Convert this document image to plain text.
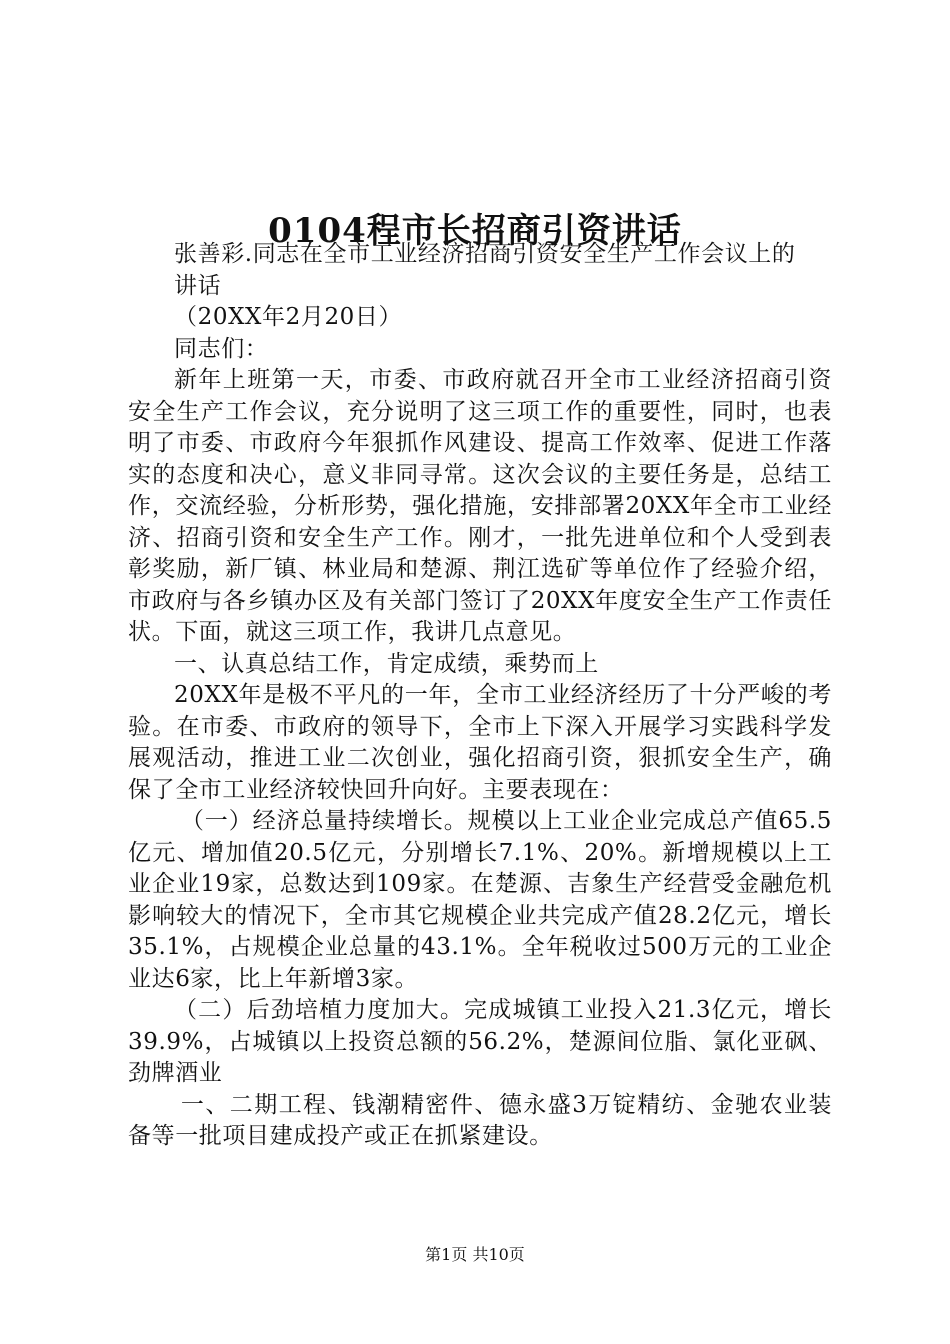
0104程市长招商引资讲话

张善彩.同志在全市工业经济招商引资安全生产工作会议上的

讲话

（20XX年2月20日）

同志们：

新年上班第一天，市委、市政府就召开全市工业经济招商引资安全生产工作会议，充分说明了这三项工作的重要性，同时，也表明了市委、市政府今年狠抓作风建设、提高工作效率、促进工作落实的态度和决心，意义非同寻常。这次会议的主要任务是，总结工作，交流经验，分析形势，强化措施，安排部署20XX年全市工业经济、招商引资和安全生产工作。刚才，一批先进单位和个人受到表彰奖励，新厂镇、林业局和楚源、荆江选矿等单位作了经验介绍，市政府与各乡镇办区及有关部门签订了20XX年度安全生产工作责任状。下面，就这三项工作，我讲几点意见。

一、认真总结工作，肯定成绩，乘势而上

20XX年是极不平凡的一年，全市工业经济经历了十分严峻的考验。在市委、市政府的领导下，全市上下深入开展学习实践科学发展观活动，推进工业二次创业，强化招商引资，狠抓安全生产，确保了全市工业经济较快回升向好。主要表现在：

（一）经济总量持续增长。规模以上工业企业完成总产值65.5亿元、增加值20.5亿元，分别增长7.1%、20%。新增规模以上工业企业19家，总数达到109家。在楚源、吉象生产经营受金融危机影响较大的情况下，全市其它规模企业共完成产值28.2亿元，增长35.1%，占规模企业总量的43.1%。全年税收过500万元的工业企业达6家，比上年新增3家。

（二）后劲培植力度加大。完成城镇工业投入21.3亿元，增长39.9%，占城镇以上投资总额的56.2%，楚源间位脂、氯化亚砜、劲牌酒业

一、二期工程、钱潮精密件、德永盛3万锭精纺、金驰农业装备等一批项目建成投产或正在抓紧建设。

第1页 共10页
